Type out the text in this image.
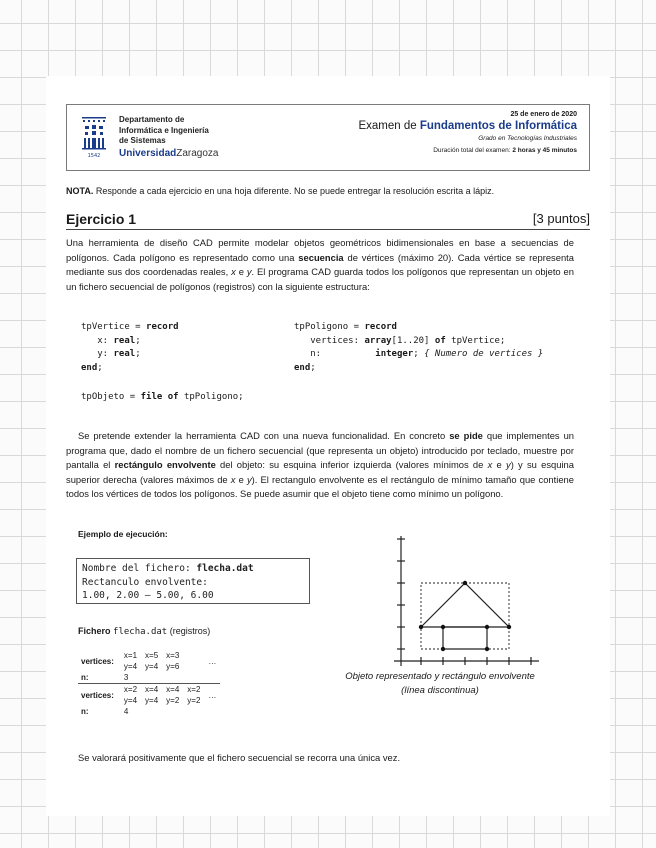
1542
Departamento de
Informática e Ingeniería
de Sistemas
UniversidadZaragoza
25 de enero de 2020
Examen de Fundamentos de Informática
Grado en Tecnologías Industriales
Duración total del examen: 2 horas y 45 minutos
NOTA. Responde a cada ejercicio en una hoja diferente. No se puede entregar la resolución escrita a lápiz.
Ejercicio 1	[3 puntos]
Una herramienta de diseño CAD permite modelar objetos geométricos bidimensionales en base a secuencias de polígonos. Cada polígono es representado como una secuencia de vértices (máximo 20). Cada vértice se representa mediante sus dos coordenadas reales, x e y. El programa CAD guarda todos los polígonos que representan un objeto en un fichero secuencial de polígonos (registros) con la siguiente estructura:
tpVertice = record
x: real;
y: real;
end;
tpPoligono = record
vertices: array[1..20] of tpVertice;
n:          integer; { Numero de vertices }
end;
tpObjeto = file of tpPoligono;
Se pretende extender la herramienta CAD con una nueva funcionalidad. En concreto se pide que implementes un programa que, dado el nombre de un fichero secuencial (que representa un objeto) introducido por teclado, muestre por pantalla el rectángulo envolvente del objeto: su esquina inferior izquierda (valores mínimos de x e y) y su esquina superior derecha (valores máximos de x e y). El rectangulo envolvente es el rectángulo de mínimo tamaño que contiene todos los vértices de todos los polígonos. Se puede asumir que el objeto tiene como mínimo un polígono.
Ejemplo de ejecución:
Nombre del fichero: flecha.dat
Rectanculo envolvente:
1.00, 2.00 — 5.00, 6.00
Fichero flecha.dat (registros)
vertices:	x=1	x=5	x=3		…
	y=4	y=4	y=6		
n:	3				
vertices:	x=2	x=4	x=4	x=2	…
	y=4	y=4	y=2	y=2	
n:	4				
Objeto representado y rectángulo envolvente
(línea discontinua)
Se valorará positivamente que el fichero secuencial se recorra una única vez.
